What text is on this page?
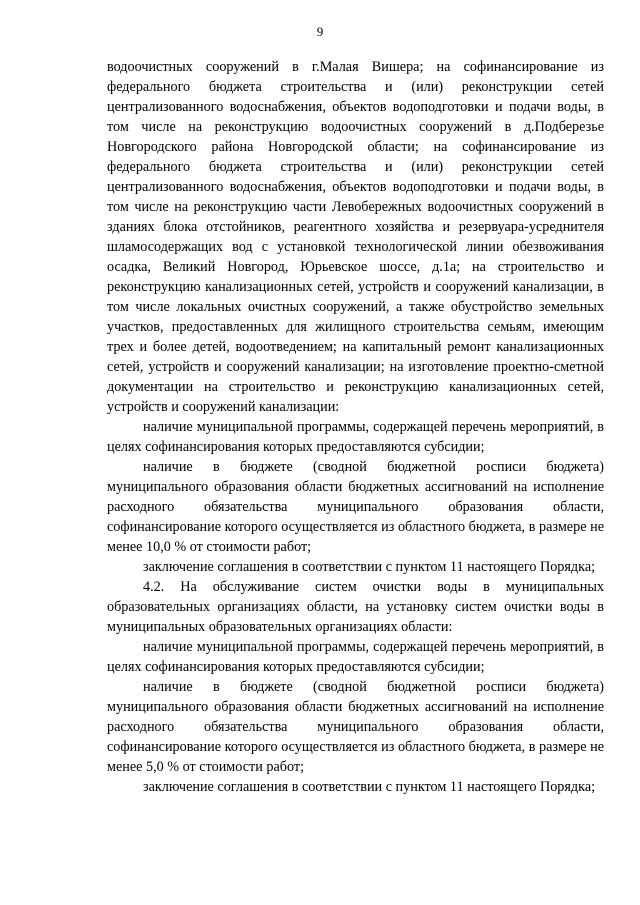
9

водоочистных сооружений в г.Малая Вишера; на софинансирование из федерального бюджета строительства и (или) реконструкции сетей централизованного водоснабжения, объектов водоподготовки и подачи воды, в том числе на реконструкцию водоочистных сооружений в д.Подберезье Новгородского района Новгородской области; на софинансирование из федерального бюджета строительства и (или) реконструкции сетей централизованного водоснабжения, объектов водоподготовки и подачи воды, в том числе на реконструкцию части Левобережных водоочистных сооружений в зданиях блока отстойников, реагентного хозяйства и резервуара-усреднителя шламосодержащих вод с установкой технологической линии обезвоживания осадка, Великий Новгород, Юрьевское шоссе, д.1а; на строительство и реконструкцию канализационных сетей, устройств и сооружений канализации, в том числе локальных очистных сооружений, а также обустройство земельных участков, предоставленных для жилищного строительства семьям, имеющим трех и более детей, водоотведением; на капитальный ремонт канализационных сетей, устройств и сооружений канализации; на изготовление проектно-сметной документации на строительство и реконструкцию канализационных сетей, устройств и сооружений канализации:

наличие муниципальной программы, содержащей перечень мероприятий, в целях софинансирования которых предоставляются субсидии;

наличие в бюджете (сводной бюджетной росписи бюджета) муниципального образования области бюджетных ассигнований на исполнение расходного обязательства муниципального образования области, софинансирование которого осуществляется из областного бюджета, в размере не менее 10,0 % от стоимости работ;

заключение соглашения в соответствии с пунктом 11 настоящего Порядка;

4.2. На обслуживание систем очистки воды в муниципальных образовательных организациях области, на установку систем очистки воды в муниципальных образовательных организациях области:

наличие муниципальной программы, содержащей перечень мероприятий, в целях софинансирования которых предоставляются субсидии;

наличие в бюджете (сводной бюджетной росписи бюджета) муниципального образования области бюджетных ассигнований на исполнение расходного обязательства муниципального образования области, софинансирование которого осуществляется из областного бюджета, в размере не менее 5,0 % от стоимости работ;

заключение соглашения в соответствии с пунктом 11 настоящего Порядка;
